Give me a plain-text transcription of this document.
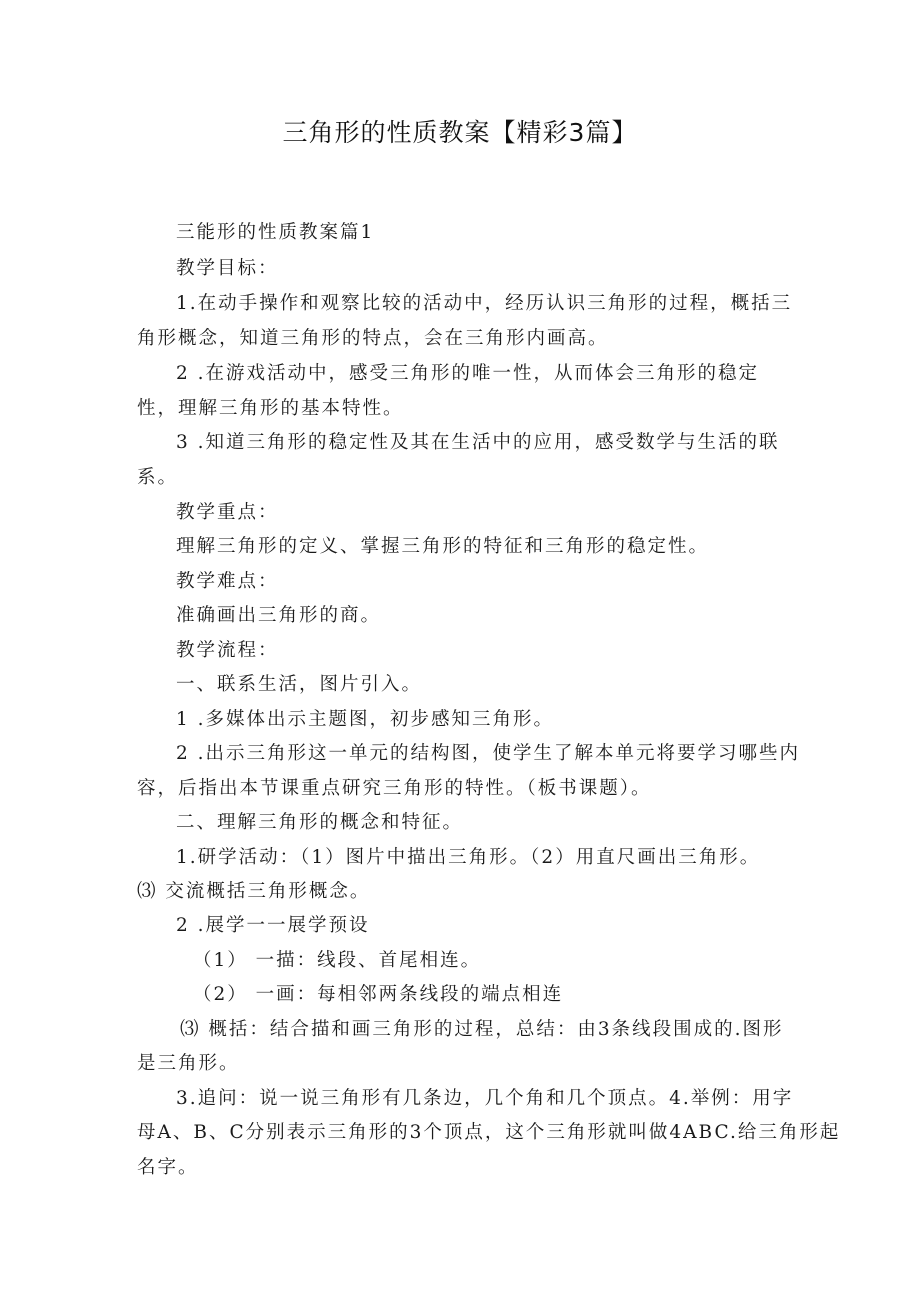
三角形的性质教案【精彩3篇】
三能形的性质教案篇1
教学目标：
1.在动手操作和观察比较的活动中，经历认识三角形的过程，概括三
角形概念，知道三角形的特点，会在三角形内画高。
2 .在游戏活动中，感受三角形的唯一性，从而体会三角形的稳定
性，理解三角形的基本特性。
3 .知道三角形的稳定性及其在生活中的应用，感受数学与生活的联
系。
教学重点：
理解三角形的定义、掌握三角形的特征和三角形的稳定性。
教学难点：
准确画出三角形的商。
教学流程：
一、联系生活，图片引入。
1 .多媒体出示主题图，初步感知三角形。
2 .出示三角形这一单元的结构图，使学生了解本单元将要学习哪些内
容，后指出本节课重点研究三角形的特性。（板书课题）。
二、理解三角形的概念和特征。
1.研学活动：（1）图片中描出三角形。（2）用直尺画出三角形。
⑶ 交流概括三角形概念。
2 .展学一一展学预设
（1） 一描：线段、首尾相连。
（2） 一画：每相邻两条线段的端点相连
⑶ 概括：结合描和画三角形的过程，总结：由3条线段围成的.图形
是三角形。
3.追问：说一说三角形有几条边，几个角和几个顶点。4.举例：用字
母A、B、C分别表示三角形的3个顶点，这个三角形就叫做4ABC.给三角形起
名字。
